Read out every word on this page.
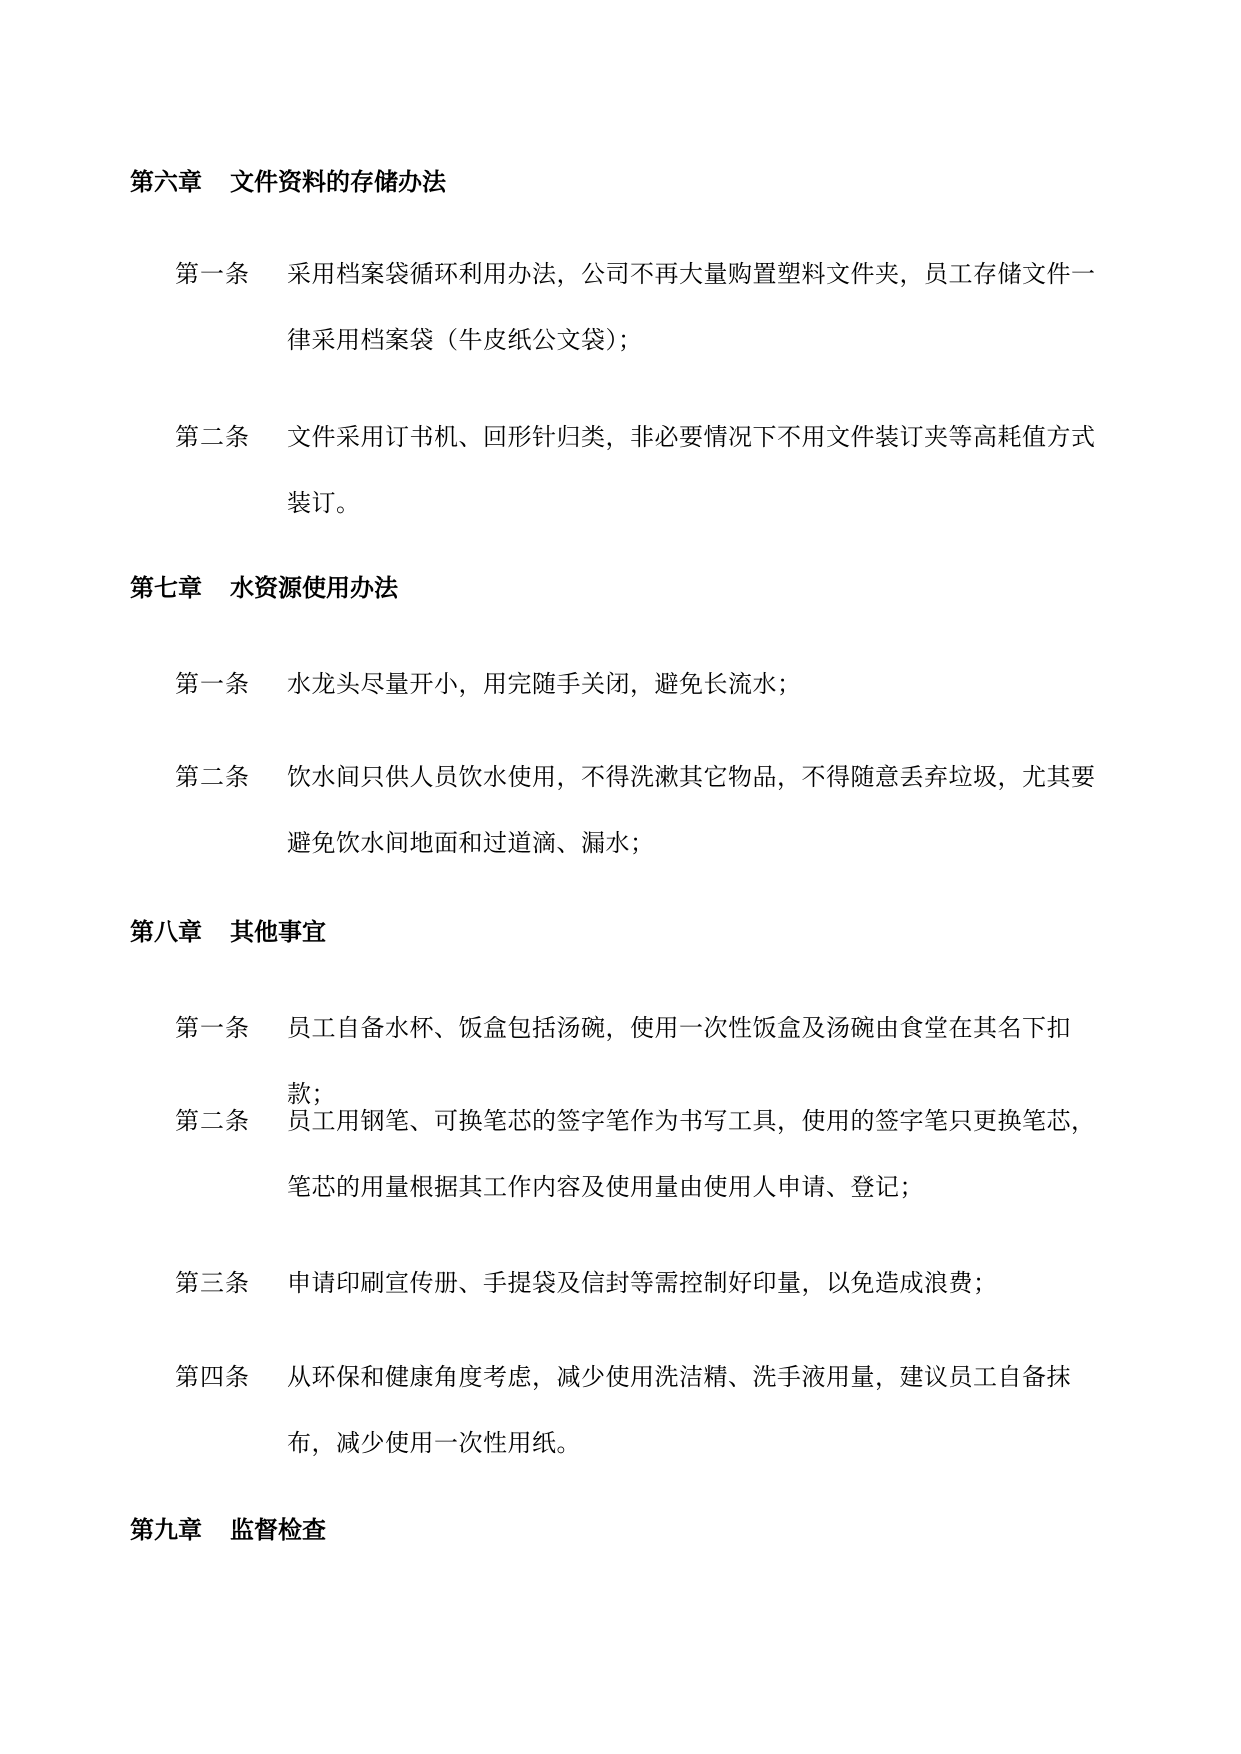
第六章 文件资料的存储办法
第一条	采用档案袋循环利用办法，公司不再大量购置塑料文件夹，员工存储文件一律采用档案袋（牛皮纸公文袋）；
第二条	文件采用订书机、回形针归类，非必要情况下不用文件装订夹等高耗值方式装订。
第七章 水资源使用办法
第一条	水龙头尽量开小，用完随手关闭，避免长流水；
第二条	饮水间只供人员饮水使用，不得洗漱其它物品，不得随意丢弃垃圾，尤其要避免饮水间地面和过道滴、漏水；
第八章 其他事宜
第一条	员工自备水杯、饭盒包括汤碗，使用一次性饭盒及汤碗由食堂在其名下扣款；
第二条	员工用钢笔、可换笔芯的签字笔作为书写工具，使用的签字笔只更换笔芯，笔芯的用量根据其工作内容及使用量由使用人申请、登记；
第三条	申请印刷宣传册、手提袋及信封等需控制好印量，以免造成浪费；
第四条	从环保和健康角度考虑，减少使用洗洁精、洗手液用量，建议员工自备抹布，减少使用一次性用纸。
第九章 监督检查
